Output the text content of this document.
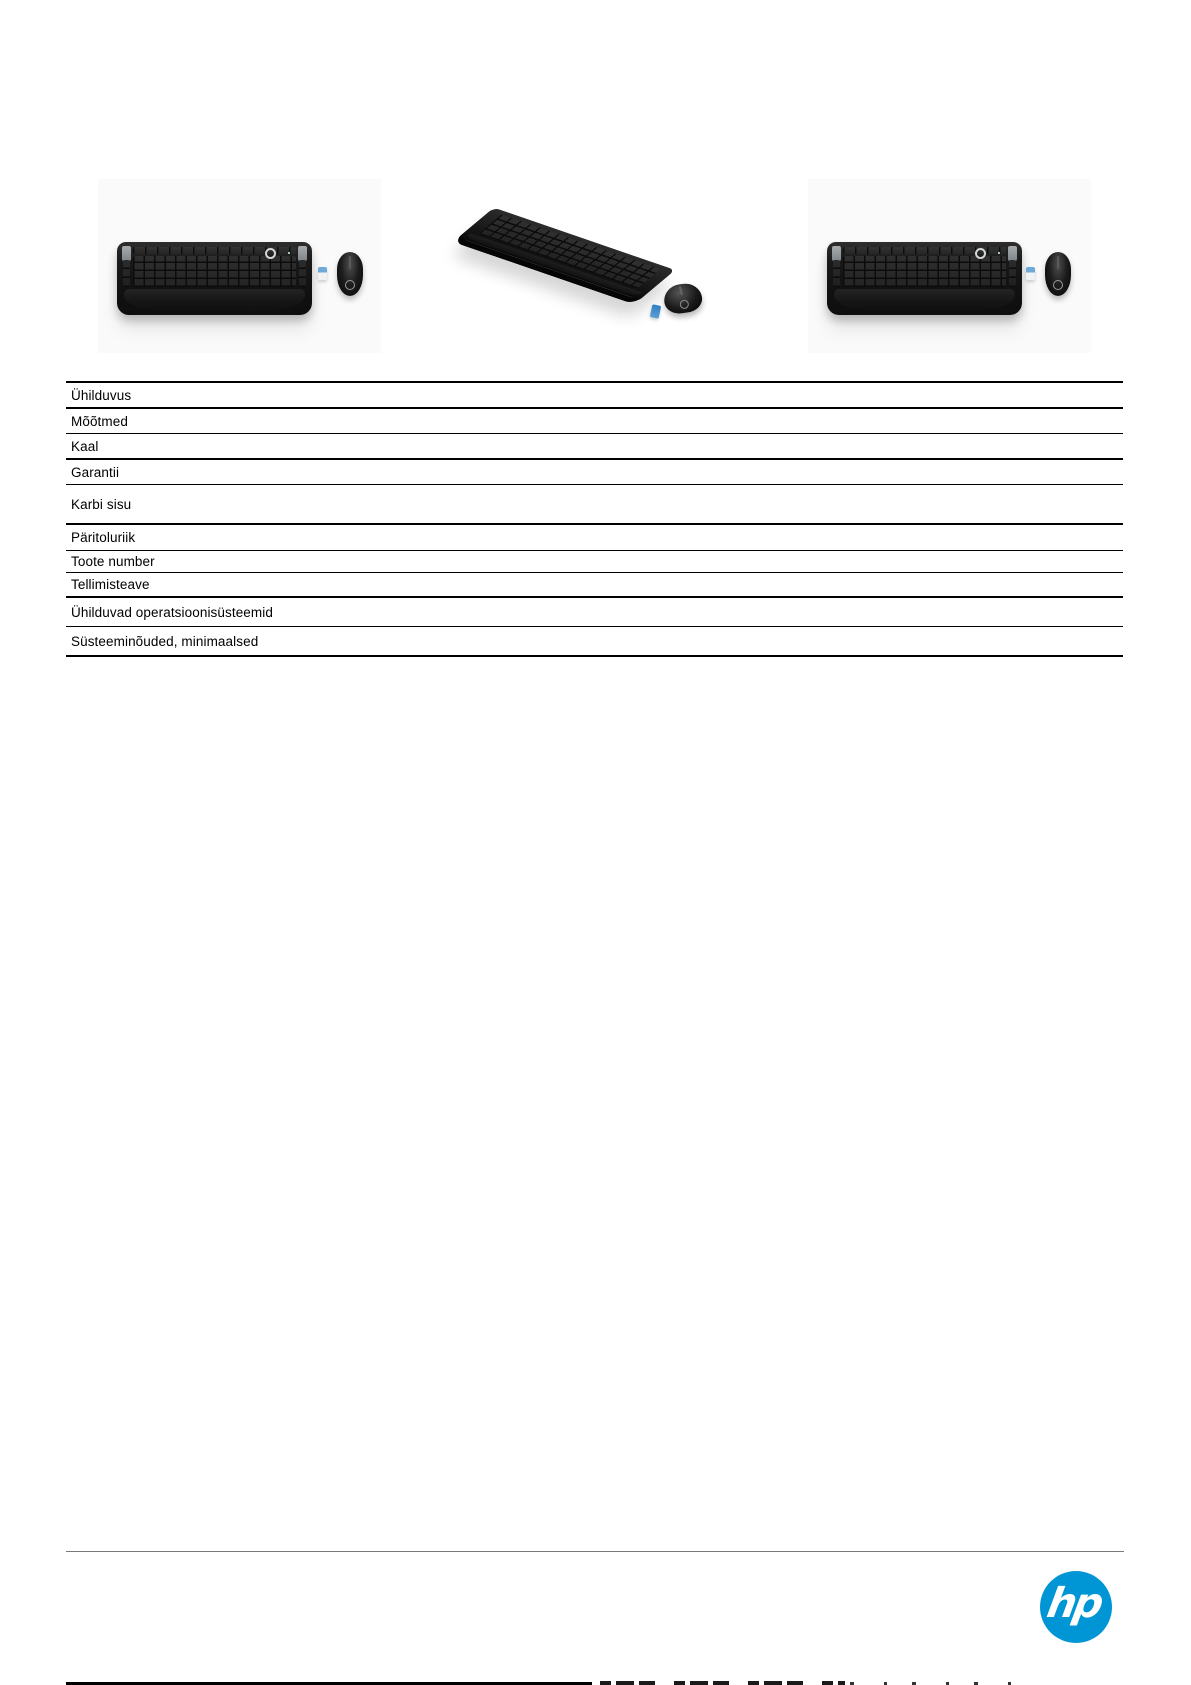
Ühilduvus
Mõõtmed
Kaal
Garantii
Karbi sisu
Päritoluriik
Toote number
Tellimisteave
Ühilduvad operatsioonisüsteemid
Süsteeminõuded, minimaalsed
hp
